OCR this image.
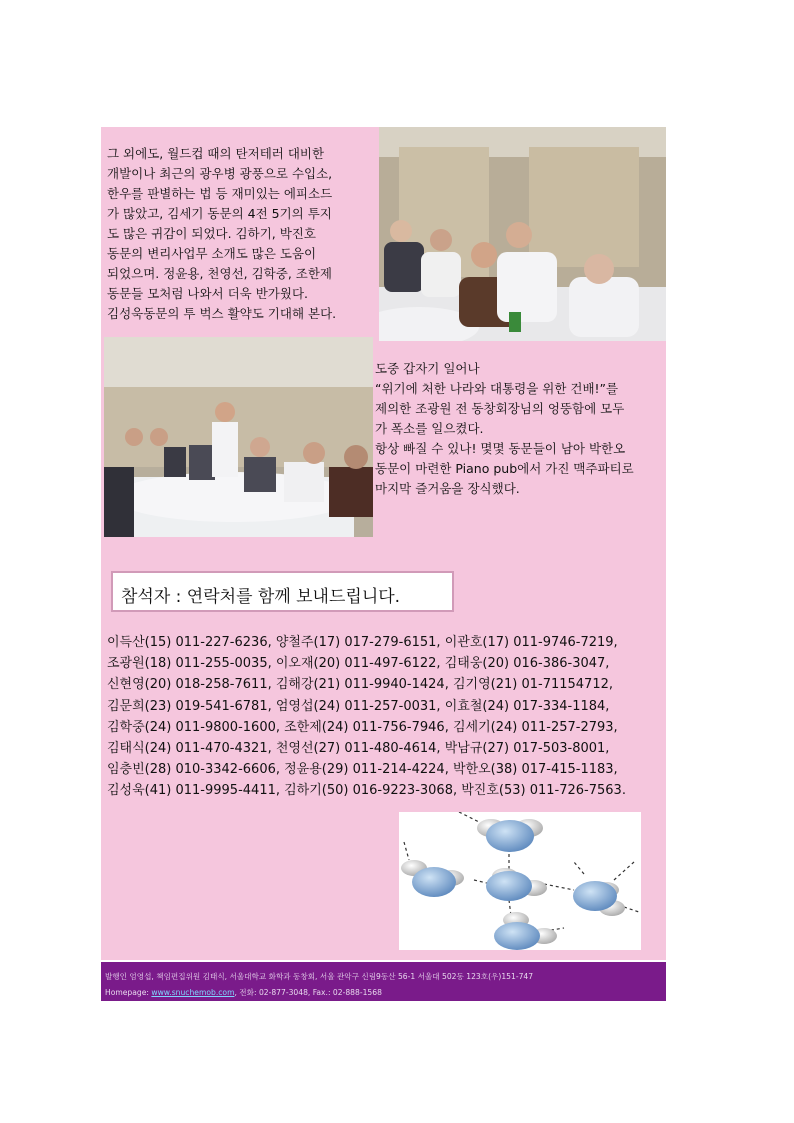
그 외에도, 월드컵 때의 탄저테러 대비한
개발이나 최근의 광우병 광풍으로 수입소,
한우를 판별하는 법 등 재미있는 에피소드
가 많았고, 김세기 동문의 4전 5기의 투지
도 많은 귀감이 되었다. 김하기, 박진호
동문의 변리사업무 소개도 많은 도움이
되었으며. 정윤용, 천영선, 김학중, 조한제
동문들 모처럼 나와서 더욱 반가웠다.
김성욱동문의 투 벅스 활약도 기대해 본다.
도중 갑자기 일어나
“위기에 처한 나라와 대통령을 위한 건배!”를
제의한 조광원 전 동창회장님의 엉뚱함에 모두
가 폭소를 일으켰다.
항상 빠질 수 있나! 몇몇 동문들이 남아 박한오
동문이 마련한 Piano pub에서 가진 맥주파티로
마지막 즐거움을 장식했다.
참석자 : 연락처를 함께 보내드립니다.
이득산(15) 011-227-6236, 양철주(17) 017-279-6151, 이관호(17) 011-9746-7219,
조광원(18) 011-255-0035, 이오재(20) 011-497-6122, 김태웅(20) 016-386-3047,
신현영(20) 018-258-7611, 김해강(21) 011-9940-1424, 김기영(21) 01-71154712,
김문희(23) 019-541-6781, 엄영섭(24) 011-257-0031, 이효철(24) 017-334-1184,
김학중(24) 011-9800-1600, 조한제(24) 011-756-7946, 김세기(24) 011-257-2793,
김태식(24) 011-470-4321, 천영선(27) 011-480-4614, 박남규(27) 017-503-8001,
임충빈(28) 010-3342-6606, 정윤용(29) 011-214-4224, 박한오(38) 017-415-1183,
김성욱(41) 011-9995-4411, 김하기(50) 016-9223-3068, 박진호(53) 011-726-7563.
발행인 엄영섭, 책임편집위원 김태식, 서울대학교 화학과 동창회, 서울 관악구 신림9동산 56-1 서울대 502동 123호(우)151-747
Homepage: www.snuchemob.com, 전화: 02-877-3048, Fax.: 02-888-1568
